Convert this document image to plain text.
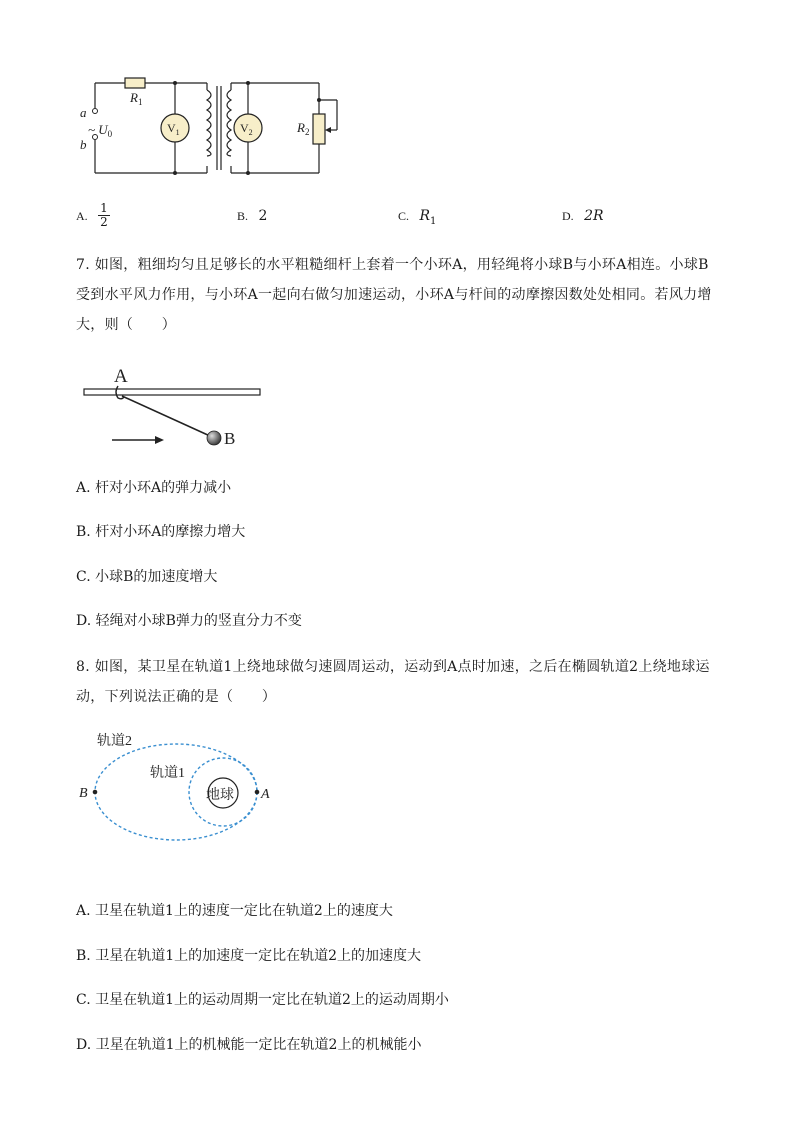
a
b
~ $U_0$
$R_1$
$V_1$	$V_2$	$R_2$
A. $\frac{1}{2}$	B. 2	C. $R_1$	D. 2R
7. 如图，粗细均匀且足够长的水平粗糙细杆上套着一个小环A，用轻绳将小球B与小环A相连。小球B受到水平风力作用，与小环A一起向右做匀加速运动，小环A与杆间的动摩擦因数处处相同。若风力增大，则（　　）
A
B
A. 杆对小环A的弹力减小
B. 杆对小环A的摩擦力增大
C. 小球B的加速度增大
D. 轻绳对小球B弹力的竖直分力不变
8. 如图，某卫星在轨道1上绕地球做匀速圆周运动，运动到A点时加速，之后在椭圆轨道2上绕地球运动，下列说法正确的是（　　）
轨道2
轨道1
地球
B	A
A. 卫星在轨道1上的速度一定比在轨道2上的速度大
B. 卫星在轨道1上的加速度一定比在轨道2上的加速度大
C. 卫星在轨道1上的运动周期一定比在轨道2上的运动周期小
D. 卫星在轨道1上的机械能一定比在轨道2上的机械能小
